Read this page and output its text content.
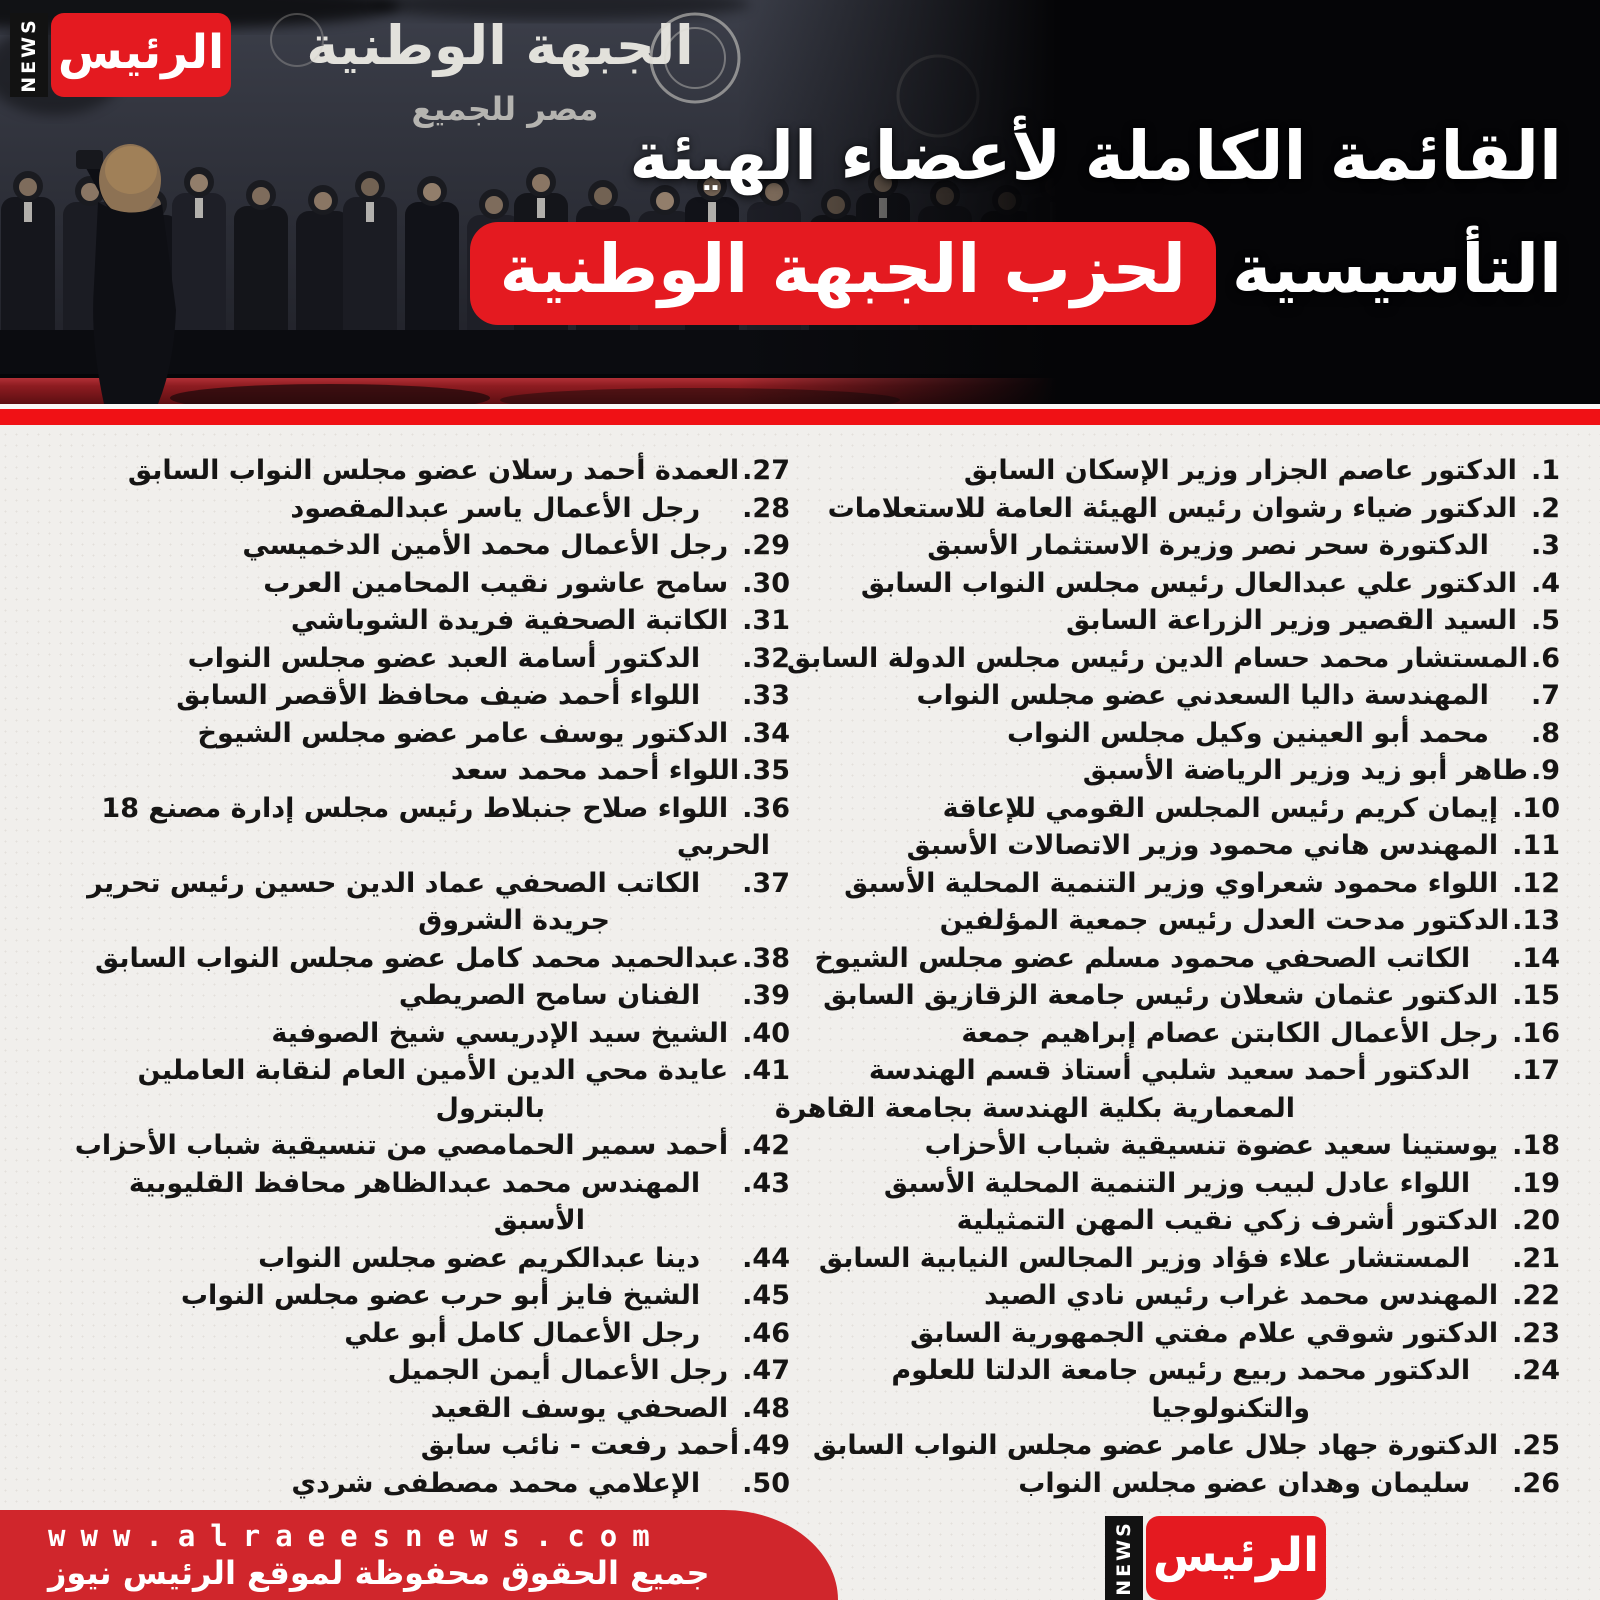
NEWS الرئيس
القائمة الكاملة لأعضاء الهيئة
التأسيسيةلحزب الجبهة الوطنية
1.الدكتور عاصم الجزار وزير الإسكان السابق
2.الدكتور ضياء رشوان رئيس الهيئة العامة للاستعلامات
3.الدكتورة سحر نصر وزيرة الاستثمار الأسبق
4.الدكتور علي عبدالعال رئيس مجلس النواب السابق
5.السيد القصير وزير الزراعة السابق
6.المستشار محمد حسام الدين رئيس مجلس الدولة السابق
7.المهندسة داليا السعدني عضو مجلس النواب
8.محمد أبو العينين وكيل مجلس النواب
9.طاهر أبو زيد وزير الرياضة الأسبق
10.إيمان كريم رئيس المجلس القومي للإعاقة
11.المهندس هاني محمود وزير الاتصالات الأسبق
12.اللواء محمود شعراوي وزير التنمية المحلية الأسبق
13.الدكتور مدحت العدل رئيس جمعية المؤلفين
14.الكاتب الصحفي محمود مسلم عضو مجلس الشيوخ
15.الدكتور عثمان شعلان رئيس جامعة الزقازيق السابق
16.رجل الأعمال الكابتن عصام إبراهيم جمعة
17.الدكتور أحمد سعيد شلبي أستاذ قسم الهندسة
المعمارية بكلية الهندسة بجامعة القاهرة
18.يوستينا سعيد عضوة تنسيقية شباب الأحزاب
19.اللواء عادل لبيب وزير التنمية المحلية الأسبق
20.الدكتور أشرف زكي نقيب المهن التمثيلية
21.المستشار علاء فؤاد وزير المجالس النيابية السابق
22.المهندس محمد غراب رئيس نادي الصيد
23.الدكتور شوقي علام مفتي الجمهورية السابق
24.الدكتور محمد ربيع رئيس جامعة الدلتا للعلوم
والتكنولوجيا
25.الدكتورة جهاد جلال عامر عضو مجلس النواب السابق
26.سليمان وهدان عضو مجلس النواب
27.العمدة أحمد رسلان عضو مجلس النواب السابق
28.رجل الأعمال ياسر عبدالمقصود
29.رجل الأعمال محمد الأمين الدخميسي
30.سامح عاشور نقيب المحامين العرب
31.الكاتبة الصحفية فريدة الشوباشي
32.الدكتور أسامة العبد عضو مجلس النواب
33.اللواء أحمد ضيف محافظ الأقصر السابق
34.الدكتور يوسف عامر عضو مجلس الشيوخ
35.اللواء أحمد محمد سعد
36.اللواء صلاح جنبلاط رئيس مجلس إدارة مصنع 18
الحربي
37.الكاتب الصحفي عماد الدين حسين رئيس تحرير
جريدة الشروق
38.عبدالحميد محمد كامل عضو مجلس النواب السابق
39.الفنان سامح الصريطي
40.الشيخ سيد الإدريسي شيخ الصوفية
41.عايدة محي الدين الأمين العام لنقابة العاملين
بالبترول
42.أحمد سمير الحمامصي من تنسيقية شباب الأحزاب
43.المهندس محمد عبدالظاهر محافظ القليوبية
الأسبق
44.دينا عبدالكريم عضو مجلس النواب
45.الشيخ فايز أبو حرب عضو مجلس النواب
46.رجل الأعمال كامل أبو علي
47.رجل الأعمال أيمن الجميل
48.الصحفي يوسف القعيد
49.أحمد رفعت - نائب سابق
50.الإعلامي محمد مصطفى شردي
www.alraeesnews.com
جميع الحقوق محفوظة لموقع الرئيس نيوز	NEWS الرئيس
